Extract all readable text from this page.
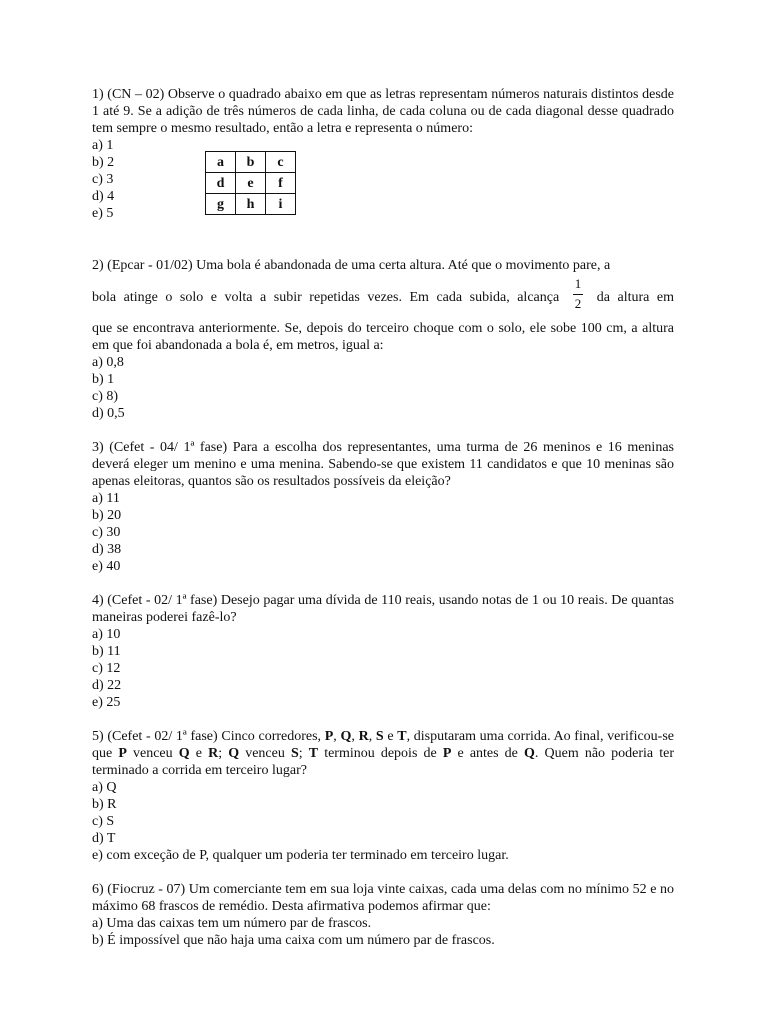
1) (CN – 02) Observe o quadrado abaixo em que as letras representam números naturais distintos desde 1 até 9. Se a adição de três números de cada linha, de cada coluna ou de cada diagonal desse quadrado tem sempre o mesmo resultado, então a letra e representa o número:

a) 1

b) 2

c) 3

d) 4

e) 5

a	b	c
d	e	f
g	h	i

2) (Epcar - 01/02) Uma bola é abandonada de uma certa altura. Até que o movimento pare, a

bola atinge o solo e volta a subir repetidas vezes. Em cada subida, alcança $\frac{1}{2}$ da altura em

que se encontrava anteriormente. Se, depois do terceiro choque com o solo, ele sobe 100 cm, a altura em que foi abandonada a bola é, em metros, igual a:

a) 0,8

b) 1

c) 8)

d) 0,5

3) (Cefet - 04/ 1ª fase) Para a escolha dos representantes, uma turma de 26 meninos e 16 meninas deverá eleger um menino e uma menina. Sabendo-se que existem 11 candidatos e que 10 meninas são apenas eleitoras, quantos são os resultados possíveis da eleição?

a) 11

b) 20

c) 30

d) 38

e) 40

4) (Cefet - 02/ 1ª fase) Desejo pagar uma dívida de 110 reais, usando notas de 1 ou 10 reais. De quantas maneiras poderei fazê-lo?

a) 10

b) 11

c) 12

d) 22

e) 25

5) (Cefet - 02/ 1ª fase) Cinco corredores, P, Q, R, S e T, disputaram uma corrida. Ao final, verificou-se que P venceu Q e R; Q venceu S; T terminou depois de P e antes de Q. Quem não poderia ter terminado a corrida em terceiro lugar?

a) Q

b) R

c) S

d) T

e) com exceção de P, qualquer um poderia ter terminado em terceiro lugar.

6) (Fiocruz - 07) Um comerciante tem em sua loja vinte caixas, cada uma delas com no mínimo 52 e no máximo 68 frascos de remédio. Desta afirmativa podemos afirmar que:

a) Uma das caixas tem um número par de frascos.

b) É impossível que não haja uma caixa com um número par de frascos.
